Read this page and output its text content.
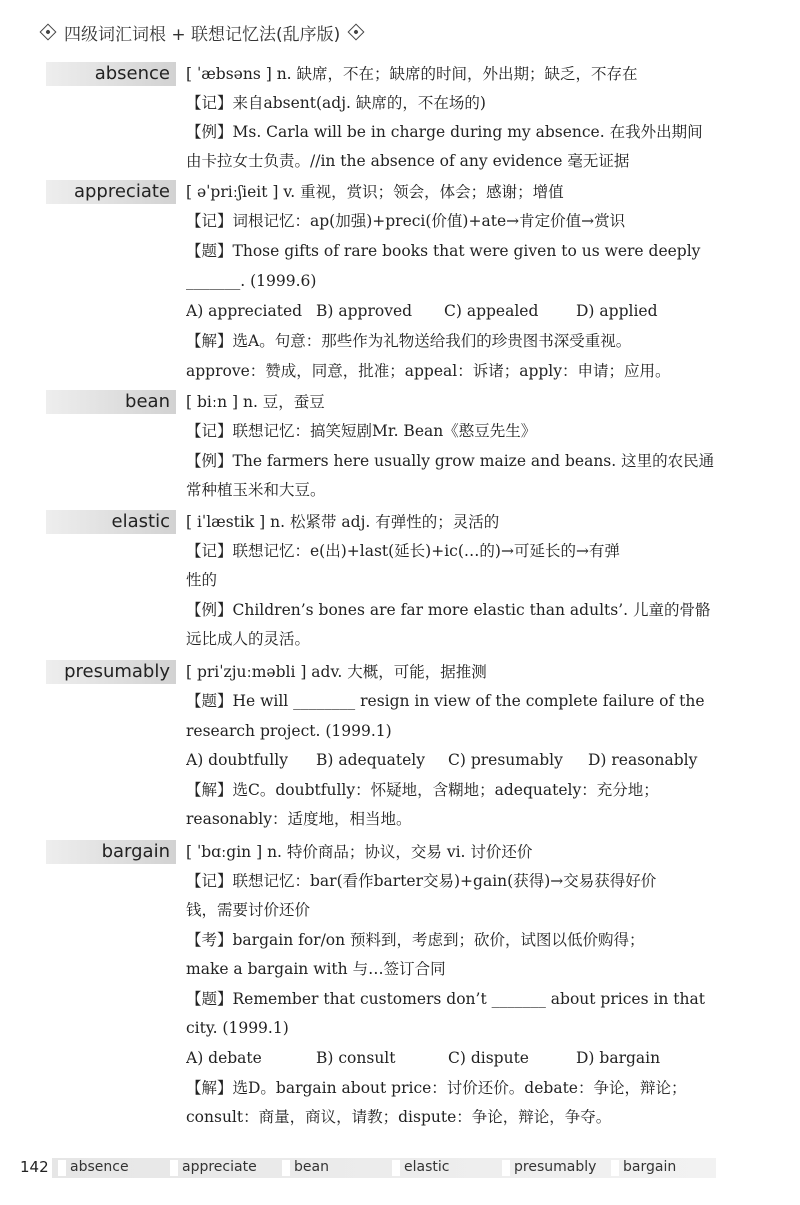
四级词汇词根 + 联想记忆法(乱序版)
absence	[ ˈæbsəns ] n. 缺席，不在；缺席的时间，外出期；缺乏，不存在
【记】来自absent(adj. 缺席的，不在场的)
【例】Ms. Carla will be in charge during my absence. 在我外出期间
由卡拉女士负责。//in the absence of any evidence 毫无证据
appreciate	[ əˈpriːʃieit ] v. 重视，赏识；领会，体会；感谢；增值
【记】词根记忆：ap(加强)+preci(价值)+ate→肯定价值→赏识
【题】Those gifts of rare books that were given to us were deeply
_______. (1999.6)
A) appreciated B) approved	C) appealed	D) applied
【解】选A。句意：那些作为礼物送给我们的珍贵图书深受重视。
approve：赞成，同意，批准；appeal：诉诸；apply：申请；应用。
bean	[ biːn ] n. 豆，蚕豆
【记】联想记忆：搞笑短剧Mr. Bean《憨豆先生》
【例】The farmers here usually grow maize and beans. 这里的农民通
常种植玉米和大豆。
elastic	[ iˈlæstik ] n. 松紧带 adj. 有弹性的；灵活的
【记】联想记忆：e(出)+last(延长)+ic(…的)→可延长的→有弹
性的
【例】Children’s bones are far more elastic than adults’. 儿童的骨骼
远比成人的灵活。
presumably	[ priˈzjuːməbli ] adv. 大概，可能，据推测
【题】He will ________ resign in view of the complete failure of the
research project. (1999.1)
A) doubtfully	B) adequately	C) presumably	D) reasonably
【解】选C。doubtfully：怀疑地，含糊地；adequately：充分地；
reasonably：适度地，相当地。
bargain	[ ˈbɑːgin ] n. 特价商品；协议，交易 vi. 讨价还价
【记】联想记忆：bar(看作barter交易)+gain(获得)→交易获得好价
钱，需要讨价还价
【考】bargain for/on 预料到，考虑到；砍价，试图以低价购得；
make a bargain with 与…签订合同
【题】Remember that customers don’t _______ about prices in that
city. (1999.1)
A) debate	B) consult	C) dispute	D) bargain
【解】选D。bargain about price：讨价还价。debate：争论，辩论；
consult：商量，商议，请教；dispute：争论，辩论，争夺。
142 absence	appreciate	bean	elastic	presumably bargain
